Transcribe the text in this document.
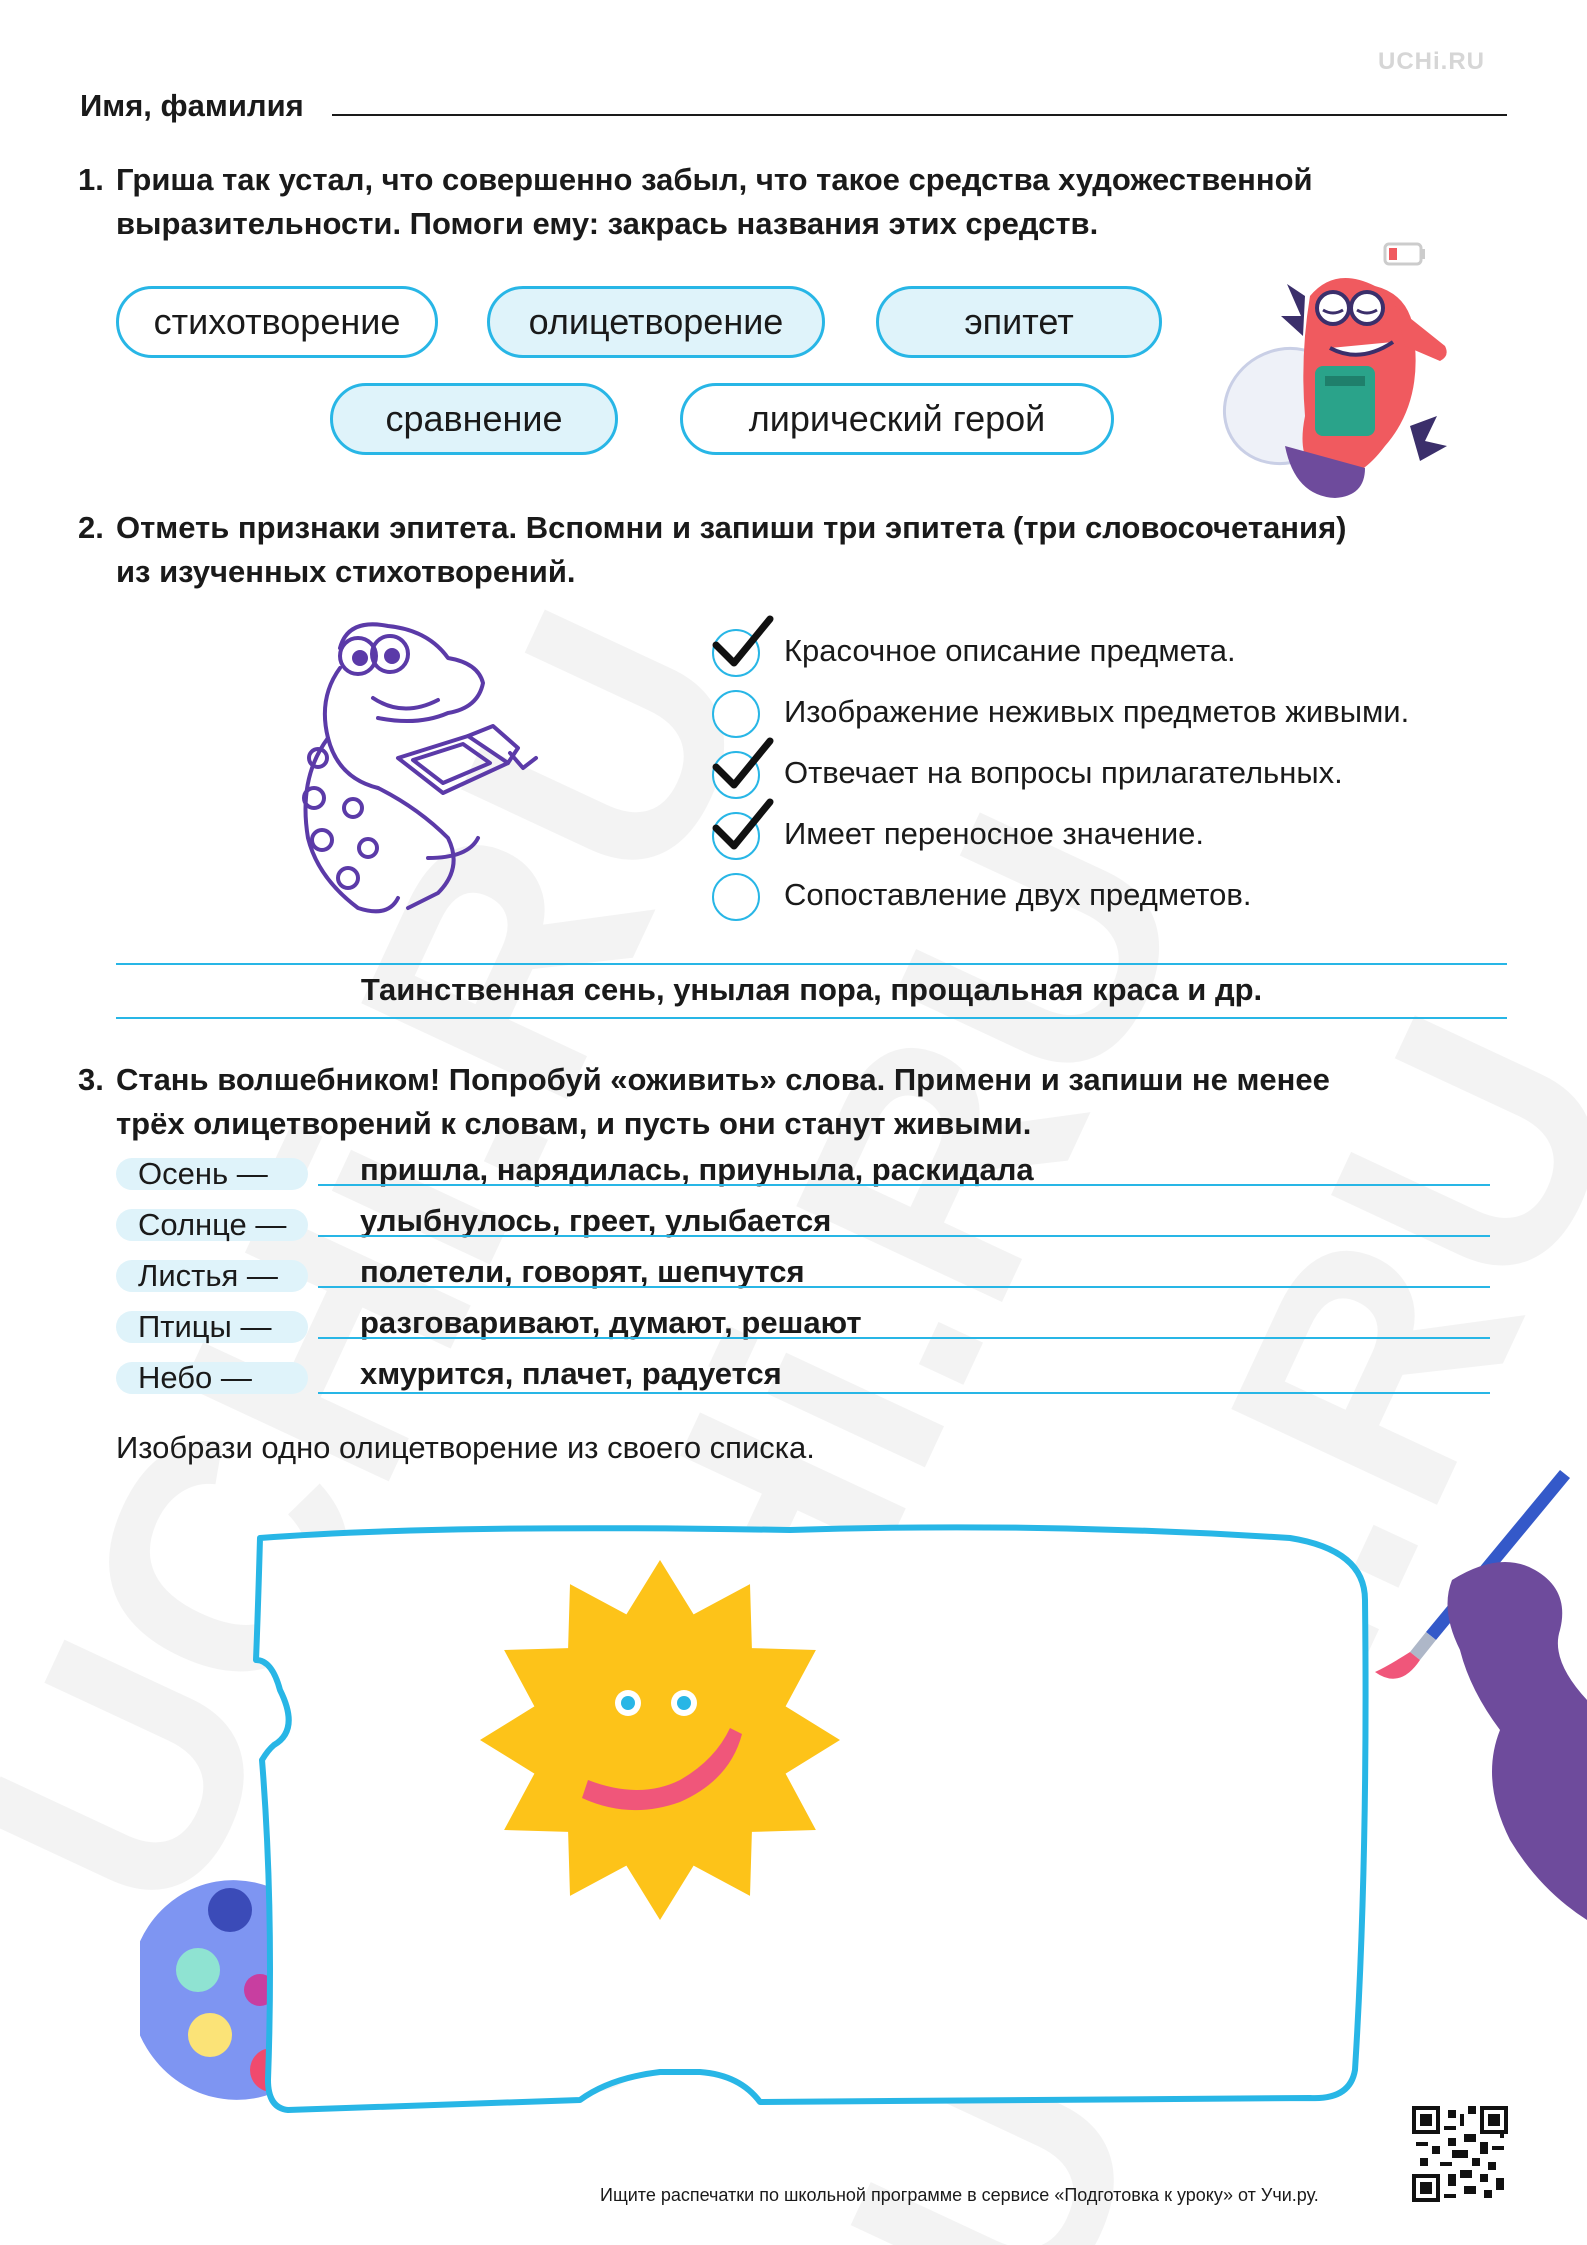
UCHi.RU
Имя, фамилия
1. Гриша так устал, что совершенно забыл, что такое средства художественной
выразительности. Помоги ему: закрась названия этих средств.
стихотворение	олицетворение	эпитет
сравнение	лирический герой
2. Отметь признаки эпитета. Вспомни и запиши три эпитета (три словосочетания)
из изученных стихотворений.
Красочное описание предмета.
Изображение неживых предметов живыми.
Отвечает на вопросы прилагательных.
Имеет переносное значение.
Сопоставление двух предметов.
Таинственная сень, унылая пора, прощальная краса и др.
3. Стань волшебником! Попробуй «оживить» слова. Примени и запиши не менее
трёх олицетворений к словам, и пусть они станут живыми.
Осень —	пришла, нарядилась, приуныла, раскидала
Солнце — улыбнулось, греет, улыбается
Листья —	полетели, говорят, шепчутся
Птицы —	разговаривают, думают, решают
Небо —	хмурится, плачет, радуется
Изобрази одно олицетворение из своего списка.
Ищите распечатки по школьной программе в сервисе «Подготовка к уроку» от Учи.ру.
